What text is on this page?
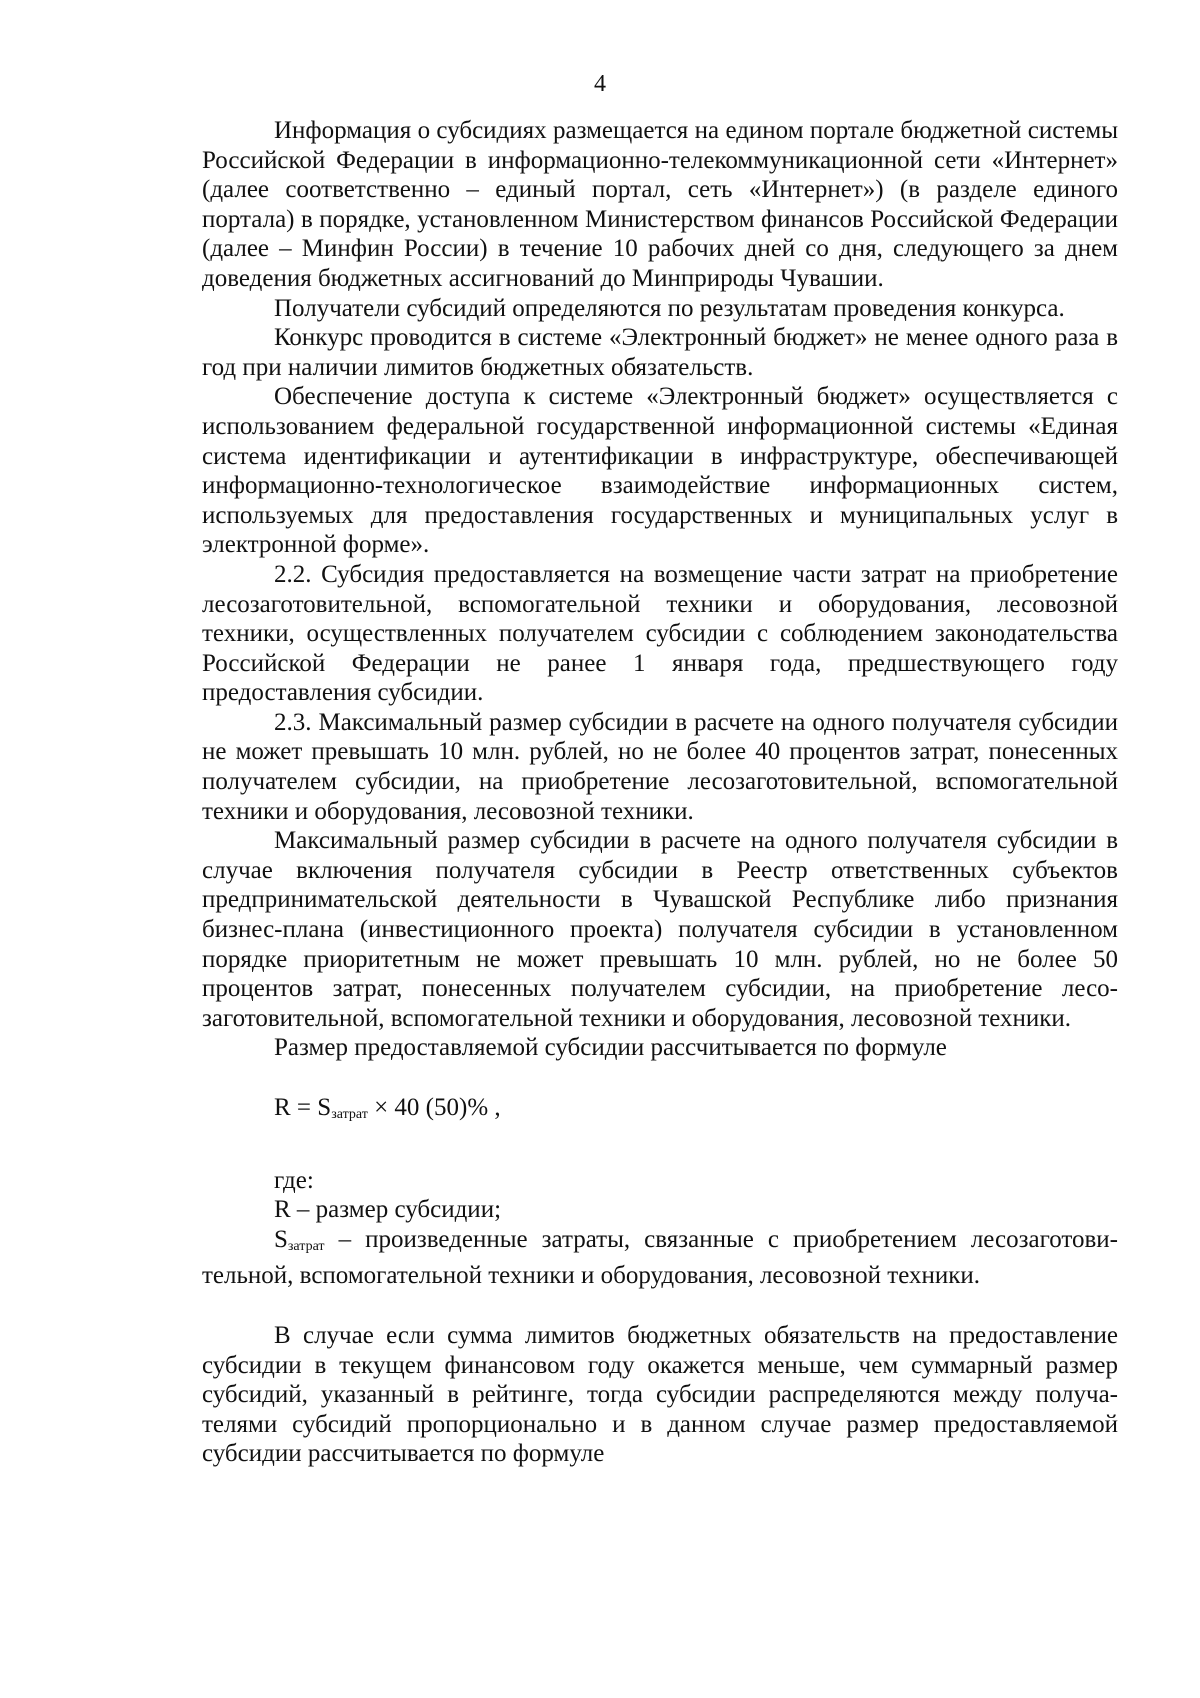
4

Информация о субсидиях размещается на едином портале бюджетной системы Российской Федерации в информационно-телекоммуникационной сети «Интернет» (далее соответственно – единый портал, сеть «Интернет») (в разделе единого портала) в порядке, установленном Министерством финансов Российской Федерации (далее – Минфин России) в течение 10 рабочих дней со дня, следующего за днем доведения бюджетных ассигнований до Минприроды Чувашии.

Получатели субсидий определяются по результатам проведения конкурса.

Конкурс проводится в системе «Электронный бюджет» не менее одного раза в год при наличии лимитов бюджетных обязательств.

Обеспечение доступа к системе «Электронный бюджет» осуществляется с использованием федеральной государственной информационной системы «Единая система идентификации и аутентификации в инфраструктуре, обеспечивающей информационно-технологическое взаимодействие информационных систем, используемых для предоставления государственных и муниципальных услуг в электронной форме».

2.2. Субсидия предоставляется на возмещение части затрат на приобретение лесозаготовительной, вспомогательной техники и оборудования, лесовозной техники, осуществленных получателем субсидии с соблюдением законодательства Российской Федерации не ранее 1 января года, предшествующего году предоставления субсидии.

2.3. Максимальный размер субсидии в расчете на одного получателя субсидии не может превышать 10 млн. рублей, но не более 40 процентов затрат, понесенных получателем субсидии, на приобретение лесозаготовительной, вспомогательной техники и оборудования, лесовозной техники.

Максимальный размер субсидии в расчете на одного получателя субсидии в случае включения получателя субсидии в Реестр ответственных субъектов предпринимательской деятельности в Чувашской Республике либо признания бизнес-плана (инвестиционного проекта) получателя субсидии в установленном порядке приоритетным не может превышать 10 млн. рублей, но не более 50 процентов затрат, понесенных получателем субсидии, на приобретение лесозаготовительной, вспомогательной техники и оборудования, лесовозной техники.

Размер предоставляемой субсидии рассчитывается по формуле

$R = S_{затрат} \times 40$ (50)% ,
где:
R – размер субсидии;
$S_{затрат}$ – произведенные затраты, связанные с приобретением лесозаготовительной, вспомогательной техники и оборудования, лесовозной техники.

В случае если сумма лимитов бюджетных обязательств на предоставление субсидии в текущем финансовом году окажется меньше, чем суммарный размер субсидий, указанный в рейтинге, тогда субсидии распределяются между получателями субсидий пропорционально и в данном случае размер предоставляемой субсидии рассчитывается по формуле
